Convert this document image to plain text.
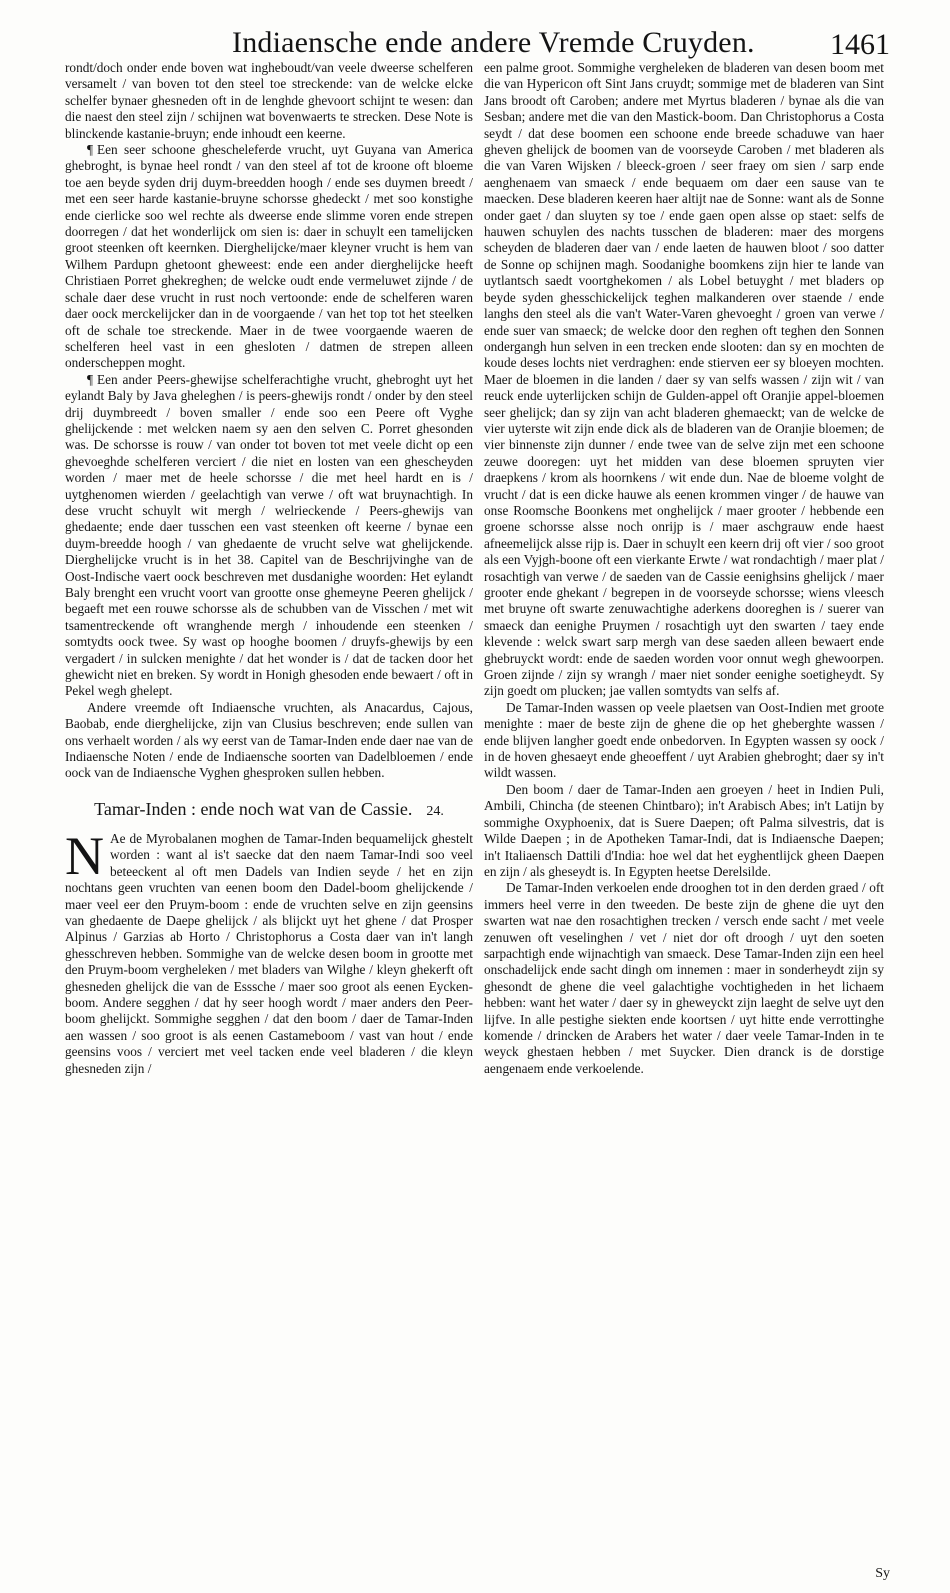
Indiaensche ende andere Vremde Cruyden.	1461

rondt/doch onder ende boven wat ingheboudt/van veele dweerse schelferen versamelt / van boven tot den steel toe streckende: van de welcke elcke schelfer bynaer ghesneden oft in de lenghde ghevoort schijnt te wesen: dan die naest den steel zijn / schijnen wat bovenwaerts te strecken. Dese Note is blinckende kastanie-bruyn; ende inhoudt een keerne.

¶ Een seer schoone ghescheleferde vrucht, uyt Guyana van America ghebroght, is bynae heel rondt / van den steel af tot de kroone oft bloeme toe aen beyde syden drij duym-breedden hoogh / ende ses duymen breedt / met een seer harde kastanie-bruyne schorsse ghedeckt / met soo konstighe ende cierlicke soo wel rechte als dweerse ende slimme voren ende strepen doorregen / dat het wonderlijck om sien is: daer in schuylt een tamelijcken groot steenken oft keernken. Dierghelijcke/maer kleyner vrucht is hem van Wilhem Pardupn ghetoont gheweest: ende een ander dierghelijcke heeft Christiaen Porret ghekreghen; de welcke oudt ende vermeluwet zijnde / de schale daer dese vrucht in rust noch vertoonde: ende de schelferen waren daer oock merckelijcker dan in de voorgaende / van het top tot het steelken oft de schale toe streckende. Maer in de twee voorgaende waeren de schelferen heel vast in een ghesloten / datmen de strepen alleen onderscheppen moght.

¶ Een ander Peers-ghewijse schelferachtighe vrucht, ghebroght uyt het eylandt Baly by Java gheleghen / is peers-ghewijs rondt / onder by den steel drij duymbreedt / boven smaller / ende soo een Peere oft Vyghe ghelijckende : met welcken naem sy aen den selven C. Porret ghesonden was. De schorsse is rouw / van onder tot boven tot met veele dicht op een ghevoeghde schelferen verciert / die niet en losten van een ghescheyden worden / maer met de heele schorsse / die met heel hardt en is / uytghenomen wierden / geelachtigh van verwe / oft wat bruynachtigh. In dese vrucht schuylt wit mergh / welrieckende / Peers-ghewijs van ghedaente; ende daer tusschen een vast steenken oft keerne / bynae een duym-breedde hoogh / van ghedaente de vrucht selve wat ghelijckende. Dierghelijcke vrucht is in het 38. Capitel van de Beschrijvinghe van de Oost-Indische vaert oock beschreven met dusdanighe woorden: Het eylandt Baly brenght een vrucht voort van grootte onse ghemeyne Peeren ghelijck / begaeft met een rouwe schorsse als de schubben van de Visschen / met wit tsamentreckende oft wranghende mergh / inhoudende een steenken / somtydts oock twee. Sy wast op hooghe boomen / druyfs-ghewijs by een vergadert / in sulcken menighte / dat het wonder is / dat de tacken door het ghewicht niet en breken. Sy wordt in Honigh ghesoden ende bewaert / oft in Pekel wegh ghelept.

Andere vreemde oft Indiaensche vruchten, als Anacardus, Cajous, Baobab, ende dierghelijcke, zijn van Clusius beschreven; ende sullen van ons verhaelt worden / als wy eerst van de Tamar-Inden ende daer nae van de Indiaensche Noten / ende de Indiaensche soorten van Dadelbloemen / ende oock van de Indiaensche Vyghen ghesproken sullen hebben.

Tamar-Inden : ende noch wat van de Cassie. 24.
N Ae de Myrobalanen moghen de Tamar-Inden bequamelijck ghestelt worden : want al is't saecke dat den naem Tamar-Indi soo veel beteeckent al oft men Dadels van Indien seyde / het en zijn nochtans geen vruchten van eenen boom den Dadel-boom ghelijckende / maer veel eer den Pruym-boom : ende de vruchten selve en zijn geensins van ghedaente de Daepe ghelijck / als blijckt uyt het ghene / dat Prosper Alpinus / Garzias ab Horto / Christophorus a Costa daer van in't langh ghesschreven hebben. Sommighe van de welcke desen boom in grootte met den Pruym-boom vergheleken / met bladers van Wilghe / kleyn ghekerft oft ghesneden ghelijck die van de Esssche / maer soo groot als eenen Eycken-boom. Andere segghen / dat hy seer hoogh wordt / maer anders den Peer-boom ghelijckt. Sommighe segghen / dat den boom / daer de Tamar-Inden aen wassen / soo groot is als eenen Castameboom / vast van hout / ende geensins voos / verciert met veel tacken ende veel bladeren / die kleyn ghesneden zijn /

een palme groot. Sommighe vergheleken de bladeren van desen boom met die van Hypericon oft Sint Jans cruydt; sommige met de bladeren van Sint Jans broodt oft Caroben; andere met Myrtus bladeren / bynae als die van Sesban; andere met die van den Mastick-boom. Dan Christophorus a Costa seydt / dat dese boomen een schoone ende breede schaduwe van haer gheven ghelijck de boomen van de voorseyde Caroben / met bladeren als die van Varen Wijsken / bleeck-groen / seer fraey om sien / sarp ende aenghenaem van smaeck / ende bequaem om daer een sause van te maecken. Dese bladeren keeren haer altijt nae de Sonne: want als de Sonne onder gaet / dan sluyten sy toe / ende gaen open alsse op staet: selfs de hauwen schuylen des nachts tusschen de bladeren: maer des morgens scheyden de bladeren daer van / ende laeten de hauwen bloot / soo datter de Sonne op schijnen magh. Soodanighe boomkens zijn hier te lande van uytlantsch saedt voortghekomen / als Lobel betuyght / met bladers op beyde syden ghesschickelijck teghen malkanderen over staende / ende langhs den steel als die van't Water-Varen ghevoeght / groen van verwe / ende suer van smaeck; de welcke door den reghen oft teghen den Sonnen ondergangh hun selven in een trecken ende slooten: dan sy en mochten de koude deses lochts niet verdraghen: ende stierven eer sy bloeyen mochten. Maer de bloemen in die landen / daer sy van selfs wassen / zijn wit / van reuck ende uyterlijcken schijn de Gulden-appel oft Oranjie appel-bloemen seer ghelijck; dan sy zijn van acht bladeren ghemaeckt; van de welcke de vier uyterste wit zijn ende dick als de bladeren van de Oranjie bloemen; de vier binnenste zijn dunner / ende twee van de selve zijn met een schoone zeuwe dooregen: uyt het midden van dese bloemen spruyten vier draepkens / krom als hoornkens / wit ende dun. Nae de bloeme volght de vrucht / dat is een dicke hauwe als eenen krommen vinger / de hauwe van onse Roomsche Boonkens met onghelijck / maer grooter / hebbende een groene schorsse alsse noch onrijp is / maer aschgrauw ende haest afneemelijck alsse rijp is. Daer in schuylt een keern drij oft vier / soo groot als een Vyjgh-boone oft een vierkante Erwte / wat rondachtigh / maer plat / rosachtigh van verwe / de saeden van de Cassie eenighsins ghelijck / maer grooter ende ghekant / begrepen in de voorseyde schorsse; wiens vleesch met bruyne oft swarte zenuwachtighe aderkens dooreghen is / suerer van smaeck dan eenighe Pruymen / rosachtigh uyt den swarten / taey ende klevende : welck swart sarp mergh van dese saeden alleen bewaert ende ghebruyckt wordt: ende de saeden worden voor onnut wegh ghewoorpen. Groen zijnde / zijn sy wrangh / maer niet sonder eenighe soetigheydt. Sy zijn goedt om plucken; jae vallen somtydts van selfs af.

De Tamar-Inden wassen op veele plaetsen van Oost-Indien met groote menighte : maer de beste zijn de ghene die op het gheberghte wassen / ende blijven langher goedt ende onbedorven. In Egypten wassen sy oock / in de hoven ghesaeyt ende gheoeffent / uyt Arabien ghebroght; daer sy in't wildt wassen.

Den boom / daer de Tamar-Inden aen groeyen / heet in Indien Puli, Ambili, Chincha (de steenen Chintbaro); in't Arabisch Abes; in't Latijn by sommighe Oxyphoenix, dat is Suere Daepen; oft Palma silvestris, dat is Wilde Daepen ; in de Apotheken Tamar-Indi, dat is Indiaensche Daepen; in't Italiaensch Dattili d'India: hoe wel dat het eyghentlijck gheen Daepen en zijn / als gheseydt is. In Egypten heetse Derelsilde.

De Tamar-Inden verkoelen ende drooghen tot in den derden graed / oft immers heel verre in den tweeden. De beste zijn de ghene die uyt den swarten wat nae den rosachtighen trecken / versch ende sacht / met veele zenuwen oft veselinghen / vet / niet dor oft droogh / uyt den soeten sarpachtigh ende wijnachtigh van smaeck. Dese Tamar-Inden zijn een heel onschadelijck ende sacht dingh om innemen : maer in sonderheydt zijn sy ghesondt de ghene die veel galachtighe vochtigheden in het lichaem hebben: want het water / daer sy in gheweyckt zijn laeght de selve uyt den lijfve. In alle pestighe siekten ende koortsen / uyt hitte ende verrottinghe komende / drincken de Arabers het water / daer veele Tamar-Inden in te weyck ghestaen hebben / met Suycker. Dien dranck is de dorstige aengenaem ende verkoelende.

Sy
